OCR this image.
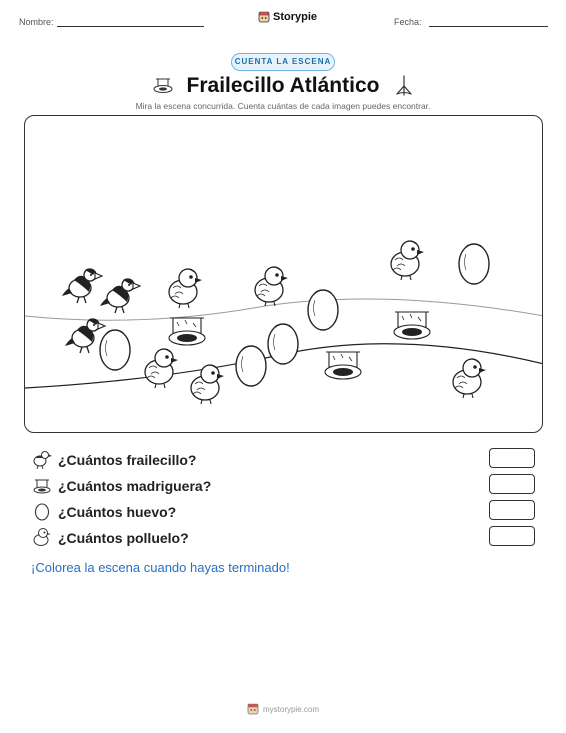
Nombre:	Storypie	Fecha:
CUENTA LA ESCENA
Frailecillo Atlántico
Mira la escena concurrida. Cuenta cuántas de cada imagen puedes encontrar.
¿Cuántos frailecillo?
¿Cuántos madriguera?
¿Cuántos huevo?
¿Cuántos polluelo?
¡Colorea la escena cuando hayas terminado!
mystorypie.com
